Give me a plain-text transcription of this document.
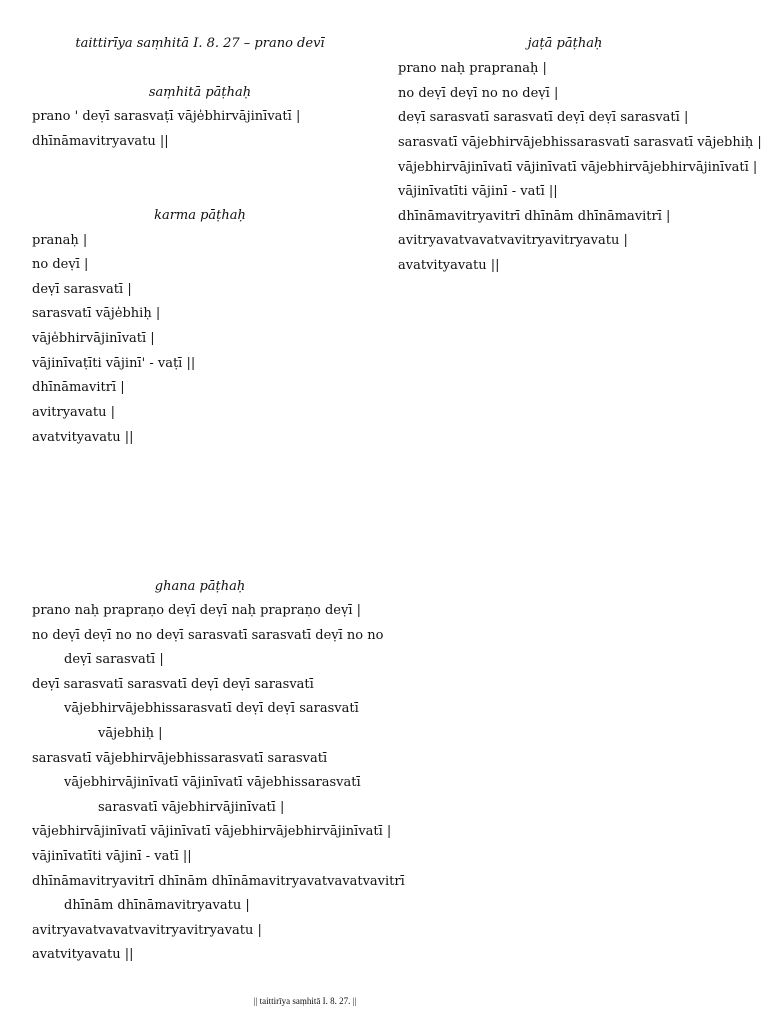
taittirīya saṃhitā I. 8. 27 – prano devī
saṃhitā pāṭhaḥ
prano ' deṿī sarasvaṭī vāje̍bhirvājinīvatī |
dhīnāmavitryavatu ||
karma pāṭhaḥ
pranaḥ |
no deṿī |
deṿī sarasvatī |
sarasvatī vāje̍bhiḥ |
vāje̍bhirvājinīvatī |
vājinīvaṭīti vājinī' - vaṭī ||
dhīnāmavitrī |
avitryavatu |
avatvityavatu ||
jaṭā pāṭhaḥ
prano naḥ prapranaḥ |
no deṿī deṿī no no deṿī |
deṿī sarasvatī sarasvatī deṿī deṿī sarasvatī |
sarasvatī vājebhirvājebhissarasvatī sarasvatī vājebhiḥ |
vājebhirvājinīvatī vājinīvatī vājebhirvājebhirvājinīvatī |
vājinīvatīti vājinī - vatī ||
dhīnāmavitryavitrī dhīnām dhīnāmavitrī |
avitryavatvavatvavitryavitryavatu |
avatvityavatu ||
ghana pāṭhaḥ
prano naḥ prapraṇo deṿī deṿī naḥ prapraṇo deṿī |
no deṿī deṿī no no deṿī sarasvatī sarasvatī deṿī no no
deṿī sarasvatī |
deṿī sarasvatī sarasvatī deṿī deṿī sarasvatī
vājebhirvājebhissarasvatī deṿī deṿī sarasvatī
vājebhiḥ |
sarasvatī vājebhirvājebhissarasvatī sarasvatī
vājebhirvājinīvatī vājinīvatī vājebhissarasvatī
sarasvatī vājebhirvājinīvatī |
vājebhirvājinīvatī vājinīvatī vājebhirvājebhirvājinīvatī |
vājinīvatīti vājinī - vatī ||
dhīnāmavitryavitrī dhīnām dhīnāmavitryavatvavatvavitrī
dhīnām dhīnāmavitryavatu |
avitryavatvavatvavitryavitryavatu |
avatvityavatu ||
|| taittirīya saṃhitā I. 8. 27. ||
